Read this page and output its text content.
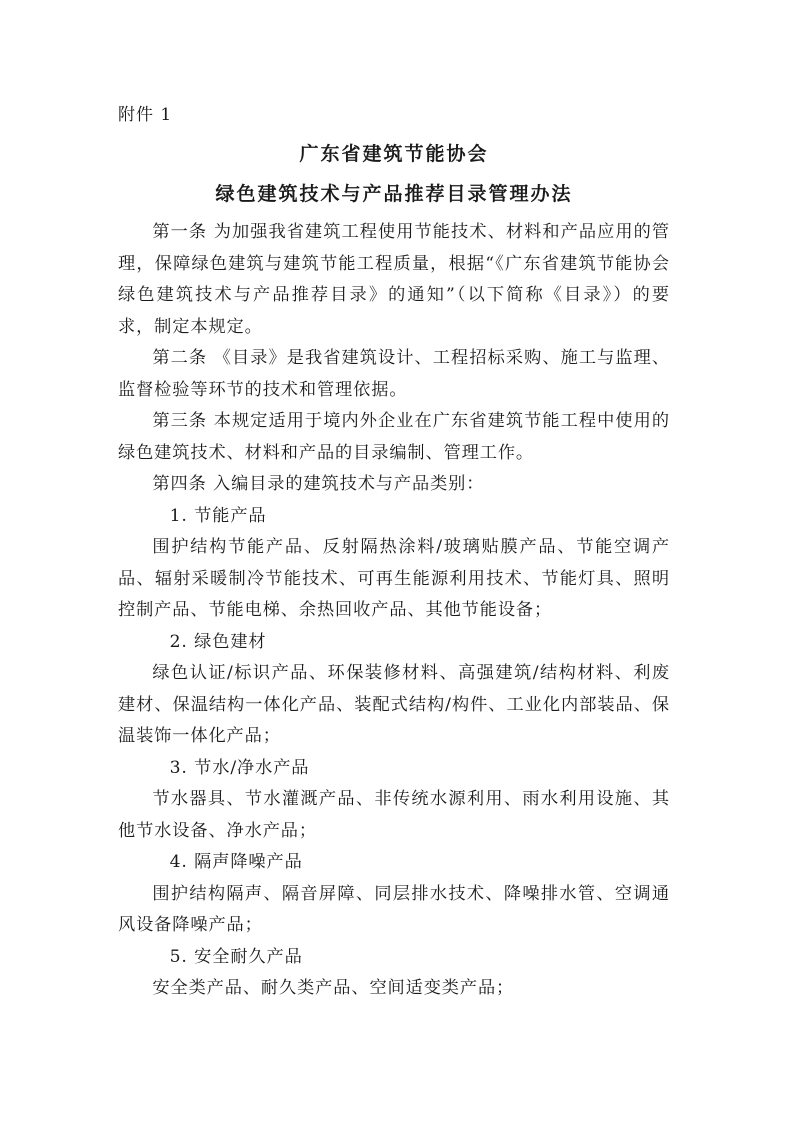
附件 1
广东省建筑节能协会
绿色建筑技术与产品推荐目录管理办法

第一条 为加强我省建筑工程使用节能技术、材料和产品应用的管理，保障绿色建筑与建筑节能工程质量，根据“《广东省建筑节能协会绿色建筑技术与产品推荐目录》的通知”（以下简称《目录》）的要求，制定本规定。

第二条 《目录》是我省建筑设计、工程招标采购、施工与监理、监督检验等环节的技术和管理依据。

第三条 本规定适用于境内外企业在广东省建筑节能工程中使用的绿色建筑技术、材料和产品的目录编制、管理工作。

第四条 入编目录的建筑技术与产品类别：

1. 节能产品

围护结构节能产品、反射隔热涂料/玻璃贴膜产品、节能空调产品、辐射采暖制冷节能技术、可再生能源利用技术、节能灯具、照明控制产品、节能电梯、余热回收产品、其他节能设备；

2. 绿色建材

绿色认证/标识产品、环保装修材料、高强建筑/结构材料、利废建材、保温结构一体化产品、装配式结构/构件、工业化内部装品、保温装饰一体化产品；

3. 节水/净水产品

节水器具、节水灌溉产品、非传统水源利用、雨水利用设施、其他节水设备、净水产品；

4. 隔声降噪产品

围护结构隔声、隔音屏障、同层排水技术、降噪排水管、空调通风设备降噪产品；

5. 安全耐久产品

安全类产品、耐久类产品、空间适变类产品；
